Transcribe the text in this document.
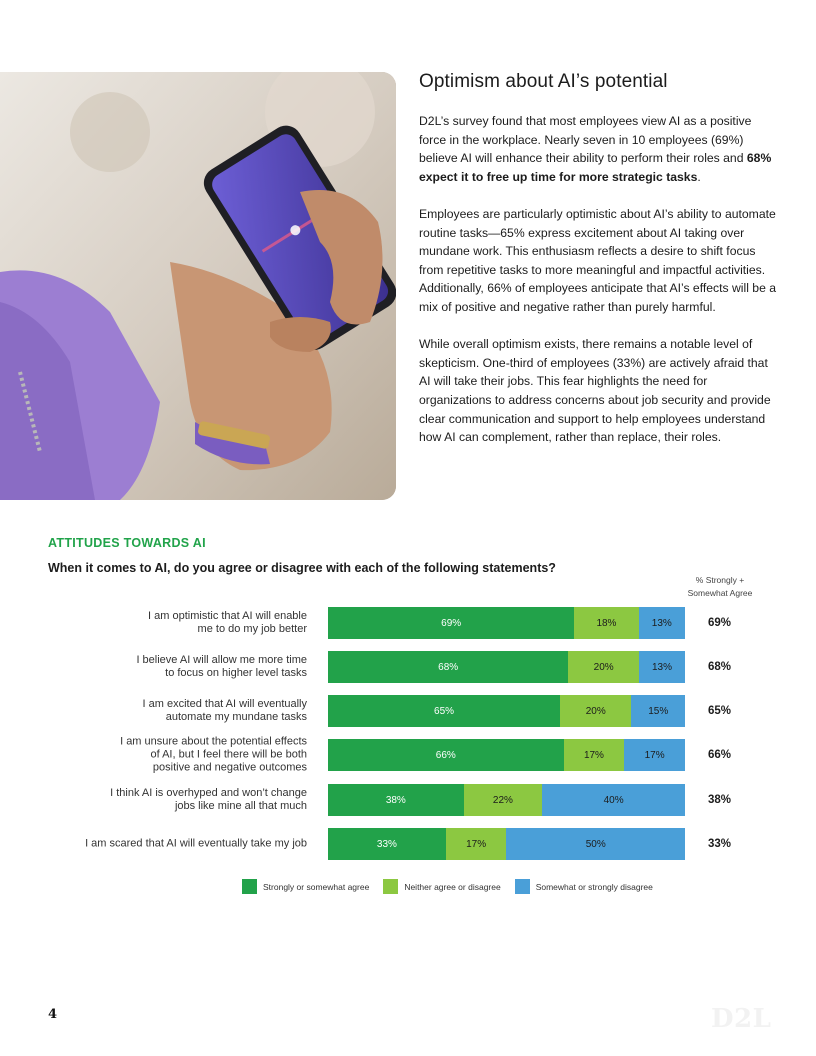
Optimism about AI’s potential

D2L’s survey found that most employees view AI as a positive force in the workplace. Nearly seven in 10 employees (69%) believe AI will enhance their ability to perform their roles and 68% expect it to free up time for more strategic tasks.

Employees are particularly optimistic about AI’s ability to automate routine tasks—65% express excitement about AI taking over mundane work. This enthusiasm reflects a desire to shift focus from repetitive tasks to more meaningful and impactful activities. Additionally, 66% of employees anticipate that AI’s effects will be a mix of positive and negative rather than purely harmful.

While overall optimism exists, there remains a notable level of skepticism. One-third of employees (33%) are actively afraid that AI will take their jobs. This fear highlights the need for organizations to address concerns about job security and provide clear communication and support to help employees understand how AI can complement, rather than replace, their roles.

ATTITUDES TOWARDS AI
When it comes to AI, do you agree or disagree with each of the following statements?
% Strongly +
Somewhat Agree
I am optimistic that AI will enable
me to do my job better	69%	18%	13%	69%
I believe AI will allow me more time
to focus on higher level tasks	68%	20%	13%	68%
I am excited that AI will eventually
automate my mundane tasks	65%	20%	15%	65%
I am unsure about the potential effects
of AI, but I feel there will be both
positive and negative outcomes
66%	17%	17%	66%
I think AI is overhyped and won’t change
jobs like mine all that much	38%	22%	40%	38%
I am scared that AI will eventually take my job	33%	17%	50%	33%
Strongly or somewhat agree	Neither agree or disagree	Somewhat or strongly disagree
4	D2L
